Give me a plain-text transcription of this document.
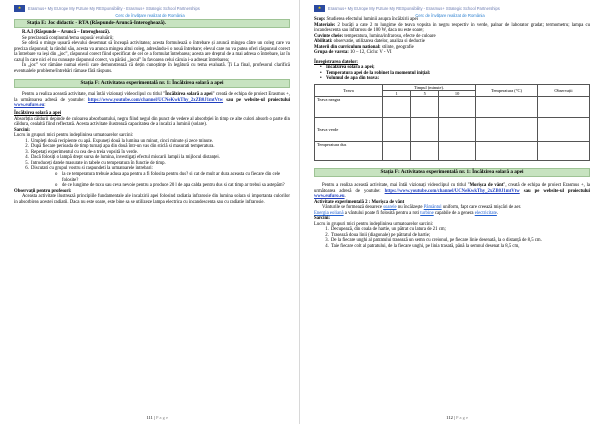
★	Erasmus+ My EUrope My FUture My RESponsibility - Erasmus+ Strategic School Partnerships
Cerc de învățare realizat de România
Stația E: Joc didactic - RTA (Răspunde-Aruncă-Interoghează).
R.A.I (Răspunde – Aruncă – Interoghează).
Se precizează conținutul/tema supusă/ evaluării;
Se oferă o minge ușoară elevului desemnat să înceapă activitatea; acesta formulează o întrebare și aruncă mingea către un coleg care va preciza răspunsul; la rândul său, acesta va arunca mingea altui coleg, adresându-i o nouă întrebare; elevul care nu va putea oferi răspunsul corect la întrebare va ieși din „joc”, răspunsul corect fiind specificat de cel ce a formulat întrebarea; acesta are dreptul de a mai adresa o întrebare, iar în cazul în care nici el nu cunoaște răspunsul corect, va părăsi „jocul” în favoarea celui căruia i-a adresat întrebarea;
În „joc” vor rămâne numai elevii care demonstrează că dețin cunoștințe în legătură cu tema evaluată. Ți La final, profesorul clarifică eventualele probleme/întrebări rămase fără răspuns.
Stația F: Activitatea experimentală nr. 1: Încălzirea solară a apei
Pentru a realiza această activitate, mai întâi vizionați videoclipul cu titlul "Încălzirea solară a apei" creată de echipa de proiect Erasmus +, la următoarea adresă de youtube: https://www.youtube.com/channel/UCNeKwkThy_2xZB0J1mtVtw sau pe website-ul proiectului www.eufure.eu:
Încălzirea solară a apei
Absorbția căldurii depinde de culoarea absorbantului, negru fiind negul din punct de vedere al absorbției în timp ce alte culori absorb o parte din căldura, cealaltă fiind reflectată. Acesta activitate ilustrează capacitatea de a incalzi a luminii (solare).
Sarcini:
Lucru in grupuri mici pentru indeplinirea urmatoarelor sarcini:
1. Umpleți două recipiente cu apă. Expuneți două la lumina un minut, cinci minute și zece minute.
2. După fiecare perioada de timp turnați apa din două într-un vas din sticlă si masurati temperatura.
3. Repetați experimentul cu cea de-a treia vopsită în verde.
4. Dacă folosiți o lampă drept sursa de lumina, investigați efectul miscarii lampii la mijlocul distanței.
5. Introduceți datele masurate in tabele cu temperatura în functie de timp.
6. Discutati cu grupul vostru si raspundeti la urmatoarele intrebari:
o la ce temperatura trebuie adusa apa pentru a fi folosita pentru dus? si cat de mult ar dura aceasta cu fiecare din cele folosite?
o de ce lungime de tuxu sau ceva nevoie pentru a produce 20 l de apa calda pentru dus si cat timp ar trebui sa astepăm?
Observații pentru profesori:
Aceasta activitate ilustrează principiile fundamentale ale incalzirii apei folosind radiatia infrarosie din lumina solara si importanta culorilor in absorbirea acestei radiatii. Daca nu este soare, este bine sa se utilizeze lampa electrica cu incandescenta sau cu radiatie infrarosie.
111 | P a g e
★	Erasmus+ My EUrope My FUture My RESponsibility - Erasmus+ Strategic School Partnerships
Cerc de învățare realizat de România
Scop: Studierea efectului luminii asupra încălzirii apei
Materiale: 2 bucăți a cate 2 m lungime de teava vopsita in negru respectiv in verde, palnar de laborator gradat; termometru; lampa cu incandescenta sau infrarosu de 100 W, daca nu este soare;
Cuvinte cheie: temperatura, lumina/infrarosu, efecte de culoare
Abilitati: observatie, utilizarea datelor, analiza si deductie
Materii din curriculum national: stiinte, geografie
Grupa de varsta: 10 – 12, Ciclu: V - VI
Înregistrarea datelor:
• Incalzirea solara a apei;
• Temperatura apei de la robinet la momentul inițial:
• Volumul de apa din teava:
Teava	Timpul (minute).			Temperatura (°C)	Observații
	1	5	10		
Teava neagra					
Teava verde					
Temperatura dus					
Stația F: Activitatea experimentală nr. 1: Încălzirea solară a apei
Pentru a realiza această activitate, mai întâi vizionați videoclipul cu titlul "Morișca de vânt", creată de echipa de proiect Erasmus +, la următoarea adresă de youtube: https://www.youtube.com/channel/UCNeKwkThy_2xZB0J1mtVtw sau pe website-ul proiectului www.eufuro.eu.
Activitate experimentală 2 : Morișca de vânt
Vânturile se formează deoarece soarele nu încălzește Pământul uniform, fapt care creează mișcări de aer.
Energia eoliană a vântului poate fi folosită pentru a roti turbine capabile de a genera electricitate.
Sarcini:
Lucru in grupuri mici pentru indeplinirea urmatoarelor sarcini:
1. Decupează, din coala de hartie, un pătrat cu latura de 21 cm;
2. Trasează doua linii (diagonale) pe pătratul de hartie;
3. De la fiecare unghi al patratului trasează un semn cu creionul, pe fiecare linie desenată, la o distanță de 8,5 cm.
4. Taie fiecare colt al patratului, de la fiecare unghi, pe linia trasată, până la semnul desenat la 8,5 cm,
112 | P a g e
